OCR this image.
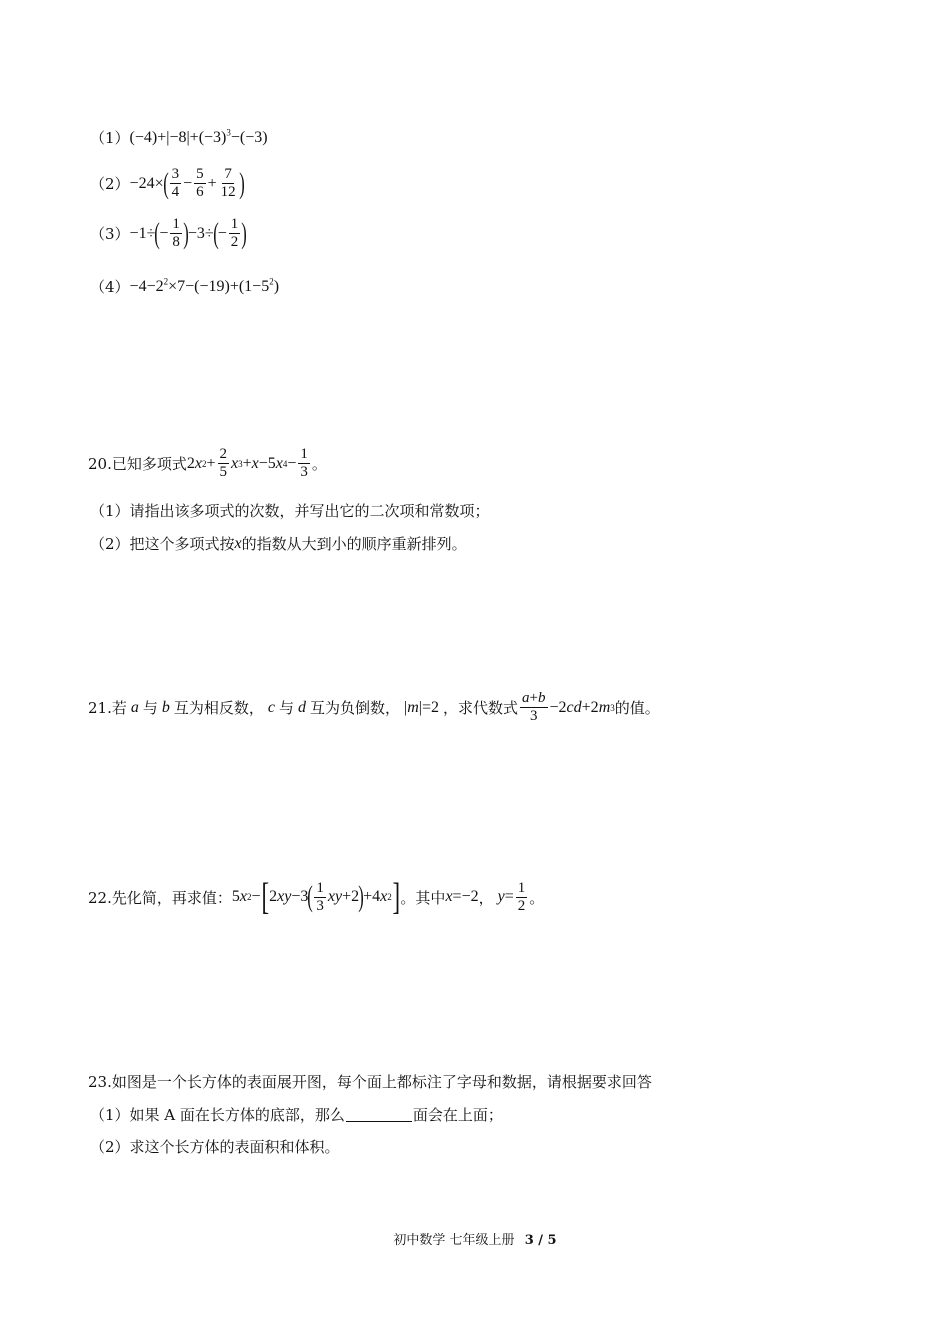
（1） $(-4)+|-8|+(-3)^3-(-3)$
（2） −24× ( $\frac{3}{4} - \frac{5}{6} + \frac{7}{12}$ )
（3） −1÷ ( − $\frac{1}{8}$ ) −3÷ ( − $\frac{1}{2}$ )
$(4) -4-2^2\times 7-(-19)+(1-5^2)$
20.已知多项式 2 x $2 + \frac{2}{5}$ x 3 + x −5 x $4 - \frac{1}{3}$ 。
（1）请指出该多项式的次数，并写出它的二次项和常数项；
（2）把这个多项式按 x 的指数从大到小的顺序重新排列。
21.若 a 与 b 互为相反数， c 与 d 互为负倒数， |m|=2 ，求代数式 $\frac{a+b}{3} -2$ cd +2 m 3 的值。
22.先化简，再求值： 5 x 2 − [ 2 xy −3 ( $\frac{1}{3}$ xy +2 ) +4 x 2 ] 。其中 x=−2 ， $y = \frac{1}{2}$ 。
23.如图是一个长方体的表面展开图，每个面上都标注了字母和数据，请根据要求回答
（1）如果 A 面在长方体的底部，那么	面会在上面；
（2）求这个长方体的表面积和体积。
初中数学 七年级上册 3 / 5
